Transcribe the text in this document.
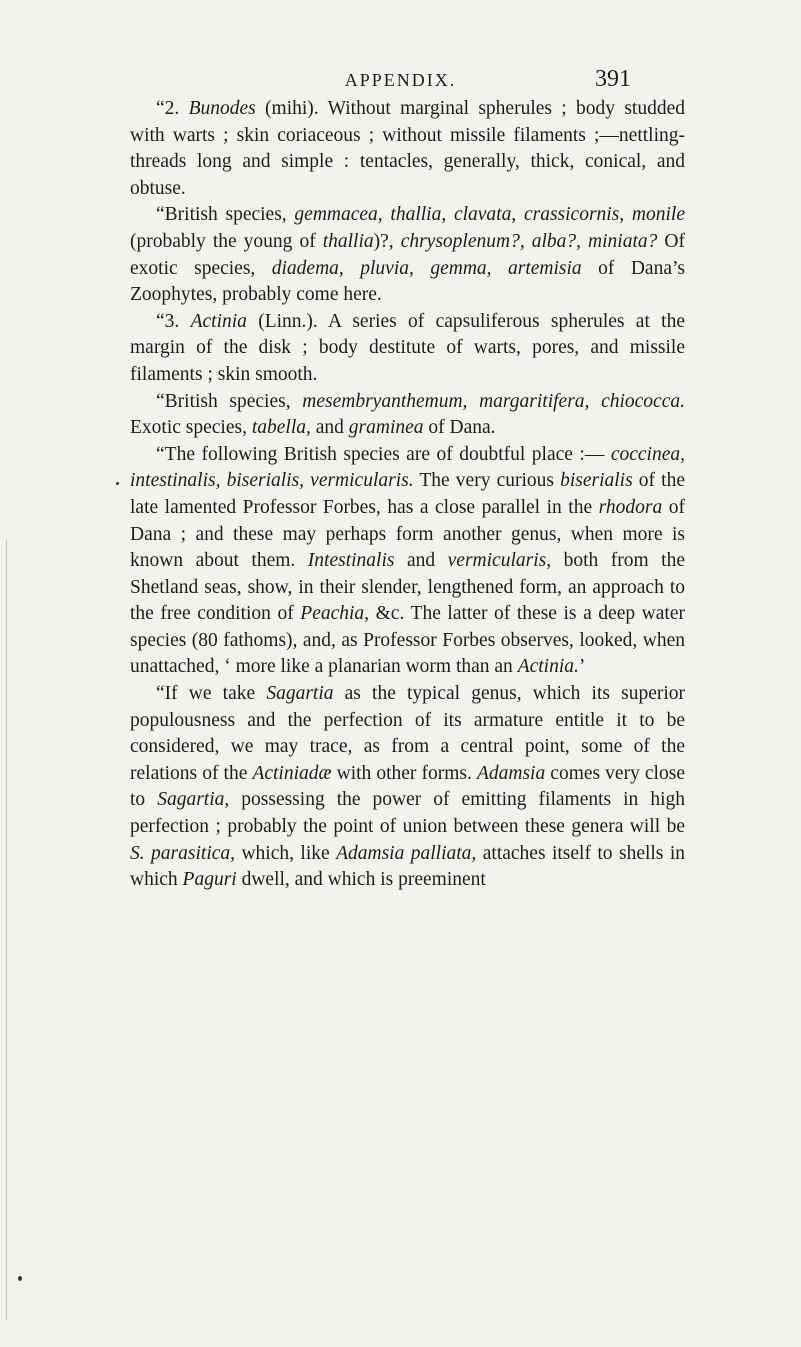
APPENDIX.	391

“2. Bunodes (mihi). Without marginal spherules ; body studded with warts ; skin coriaceous ; without missile filaments ;—nettling-threads long and simple : tentacles, generally, thick, conical, and obtuse.

“British species, gemmacea, thallia, clavata, crassicornis, monile (probably the young of thallia)?, chrysoplenum?, alba?, miniata? Of exotic species, diadema, pluvia, gemma, artemisia of Dana’s Zoophytes, probably come here.

“3. Actinia (Linn.). A series of capsuliferous spherules at the margin of the disk ; body destitute of warts, pores, and missile filaments ; skin smooth.

“British species, mesembryanthemum, margaritifera, chiococca. Exotic species, tabella, and graminea of Dana.

“The following British species are of doubtful place :— coccinea, intestinalis, biserialis, vermicularis. The very curious biserialis of the late lamented Professor Forbes, has a close parallel in the rhodora of Dana ; and these may perhaps form another genus, when more is known about them. Intestinalis and vermicularis, both from the Shetland seas, show, in their slender, lengthened form, an approach to the free condition of Peachia, &c. The latter of these is a deep water species (80 fathoms), and, as Professor Forbes observes, looked, when unattached, ‘ more like a planarian worm than an Actinia.’

“If we take Sagartia as the typical genus, which its superior populousness and the perfection of its armature entitle it to be considered, we may trace, as from a central point, some of the relations of the Actiniadæ with other forms. Adamsia comes very close to Sagartia, possessing the power of emitting filaments in high perfection ; probably the point of union between these genera will be S. parasitica, which, like Adamsia palliata, attaches itself to shells in which Paguri dwell, and which is preeminent
